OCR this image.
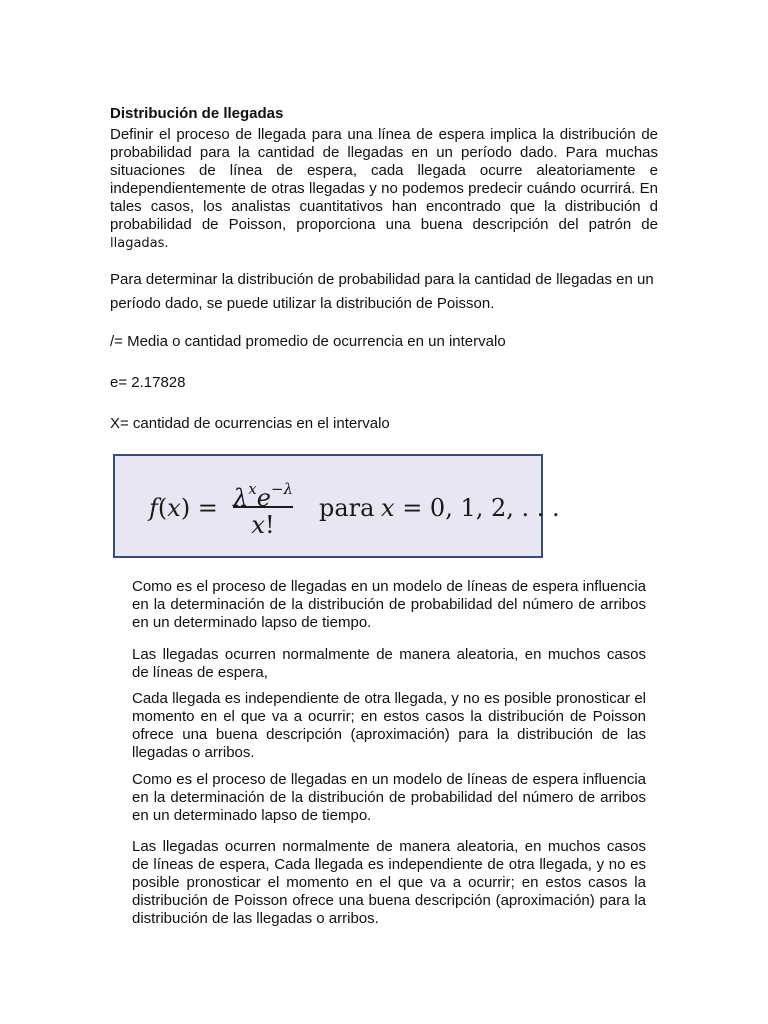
Distribución de llegadas

Definir el proceso de llegada para una línea de espera implica la distribución de probabilidad para la cantidad de llegadas en un período dado. Para muchas situaciones de línea de espera, cada llegada ocurre aleatoriamente e independientemente de otras llegadas y no podemos predecir cuándo ocurrirá. En tales casos, los analistas cuantitativos han encontrado que la distribución d probabilidad de Poisson, proporciona una buena descripción del patrón de llagadas.

Para determinar la distribución de probabilidad para la cantidad de llegadas en un período dado, se puede utilizar la distribución de Poisson.

/= Media o cantidad promedio de ocurrencia en un intervalo
e= 2.17828
X= cantidad de ocurrencias en el intervalo
$f(x) = \lambda^xe^{-\lambda}$
x!
para x = 0, 1, 2, . . .

Como es el proceso de llegadas en un modelo de líneas de espera influencia en la determinación de la distribución de probabilidad del número de arribos en un determinado lapso de tiempo.

Las llegadas ocurren normalmente de manera aleatoria, en muchos casos de líneas de espera,

Cada llegada es independiente de otra llegada, y no es posible pronosticar el momento en el que va a ocurrir; en estos casos la distribución de Poisson ofrece una buena descripción (aproximación) para la distribución de las llegadas o arribos.

Como es el proceso de llegadas en un modelo de líneas de espera influencia en la determinación de la distribución de probabilidad del número de arribos en un determinado lapso de tiempo.

Las llegadas ocurren normalmente de manera aleatoria, en muchos casos de líneas de espera, Cada llegada es independiente de otra llegada, y no es posible pronosticar el momento en el que va a ocurrir; en estos casos la distribución de Poisson ofrece una buena descripción (aproximación) para la distribución de las llegadas o arribos.
